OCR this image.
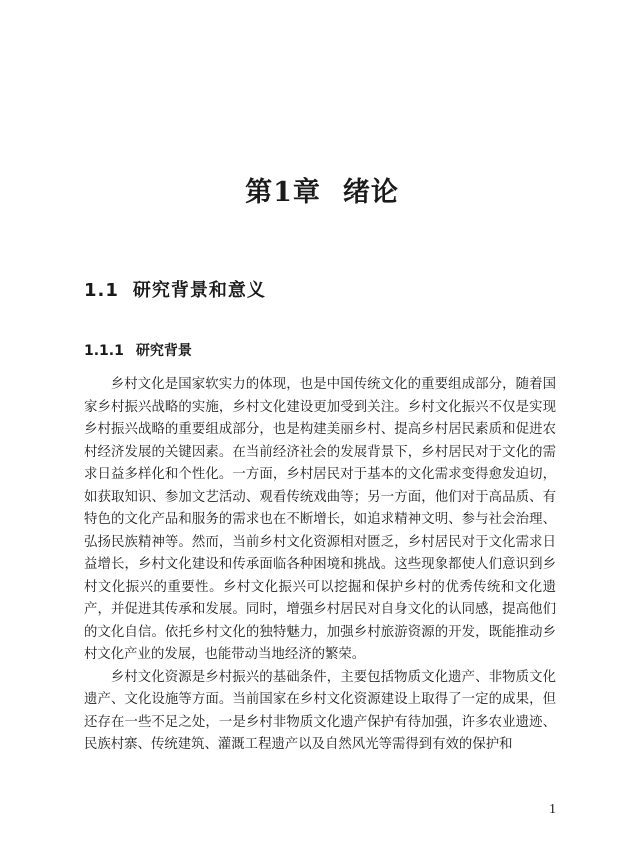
第1章 绪论
1.1 研究背景和意义
1.1.1 研究背景

乡村文化是国家软实力的体现，也是中国传统文化的重要组成部分，随着国家乡村振兴战略的实施，乡村文化建设更加受到关注。乡村文化振兴不仅是实现乡村振兴战略的重要组成部分，也是构建美丽乡村、提高乡村居民素质和促进农村经济发展的关键因素。在当前经济社会的发展背景下，乡村居民对于文化的需求日益多样化和个性化。一方面，乡村居民对于基本的文化需求变得愈发迫切，如获取知识、参加文艺活动、观看传统戏曲等；另一方面，他们对于高品质、有特色的文化产品和服务的需求也在不断增长，如追求精神文明、参与社会治理、弘扬民族精神等。然而，当前乡村文化资源相对匮乏，乡村居民对于文化需求日益增长，乡村文化建设和传承面临各种困境和挑战。这些现象都使人们意识到乡村文化振兴的重要性。乡村文化振兴可以挖掘和保护乡村的优秀传统和文化遗产，并促进其传承和发展。同时，增强乡村居民对自身文化的认同感，提高他们的文化自信。依托乡村文化的独特魅力，加强乡村旅游资源的开发，既能推动乡村文化产业的发展，也能带动当地经济的繁荣。

乡村文化资源是乡村振兴的基础条件，主要包括物质文化遗产、非物质文化遗产、文化设施等方面。当前国家在乡村文化资源建设上取得了一定的成果，但还存在一些不足之处，一是乡村非物质文化遗产保护有待加强，许多农业遗迹、民族村寨、传统建筑、灌溉工程遗产以及自然风光等需得到有效的保护和

1
